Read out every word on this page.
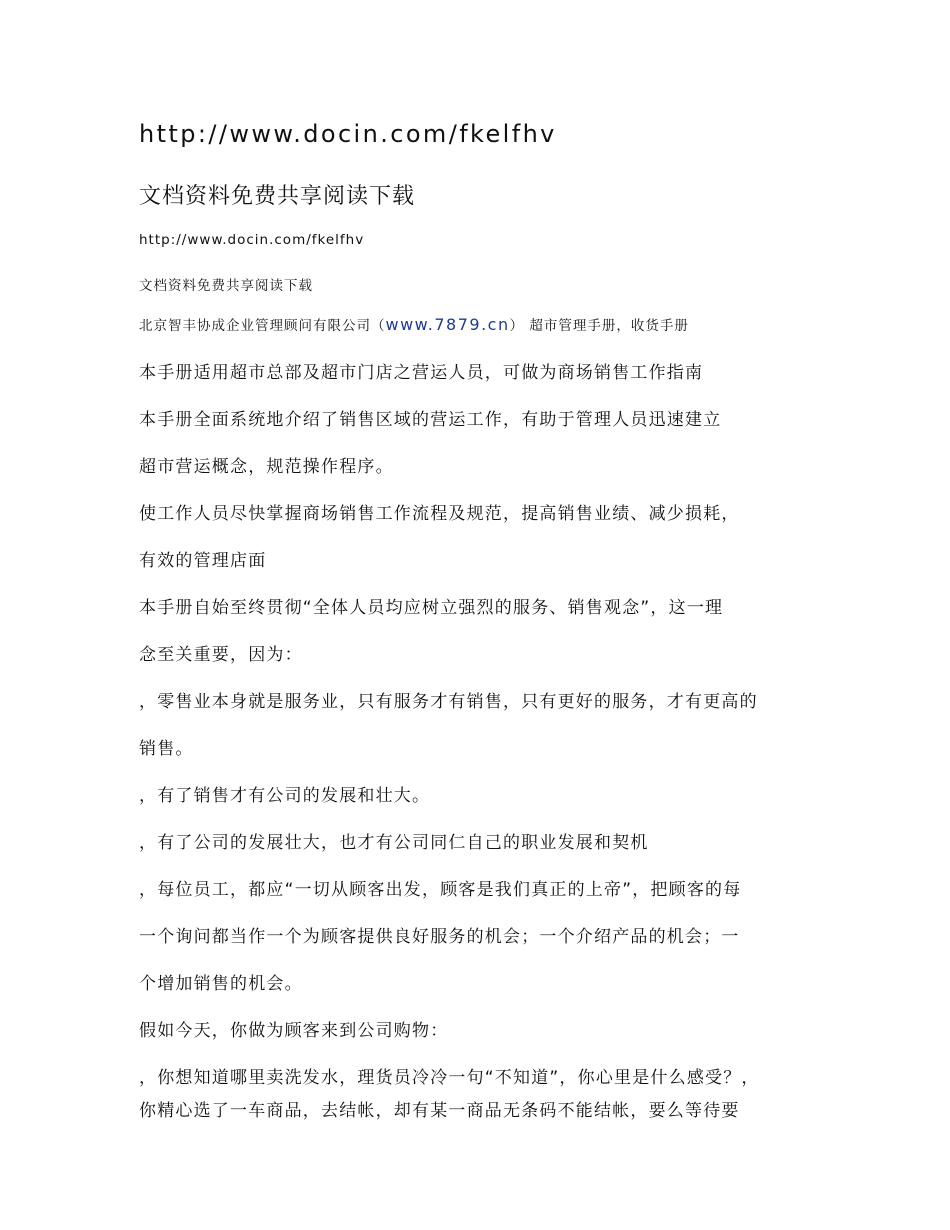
http://www.docin.com/fkelfhv
文档资料免费共享阅读下载
http://www.docin.com/fkelfhv
文档资料免费共享阅读下载
北京智丰协成企业管理顾问有限公司（www.7879.cn） 超市管理手册，收货手册
本手册适用超市总部及超市门店之营运人员，可做为商场销售工作指南
本手册全面系统地介绍了销售区域的营运工作，有助于管理人员迅速建立
超市营运概念，规范操作程序。
使工作人员尽快掌握商场销售工作流程及规范，提高销售业绩、减少损耗，
有效的管理店面
本手册自始至终贯彻“全体人员均应树立强烈的服务、销售观念”，这一理
念至关重要，因为：
，零售业本身就是服务业，只有服务才有销售，只有更好的服务，才有更高的
销售。
，有了销售才有公司的发展和壮大。
，有了公司的发展壮大，也才有公司同仁自己的职业发展和契机
，每位员工，都应“一切从顾客出发，顾客是我们真正的上帝”，把顾客的每
一个询问都当作一个为顾客提供良好服务的机会；一个介绍产品的机会；一
个增加销售的机会。
假如今天，你做为顾客来到公司购物：
，你想知道哪里卖洗发水，理货员冷冷一句“不知道”，你心里是什么感受？，
你精心选了一车商品，去结帐，却有某一商品无条码不能结帐，要么等待要
